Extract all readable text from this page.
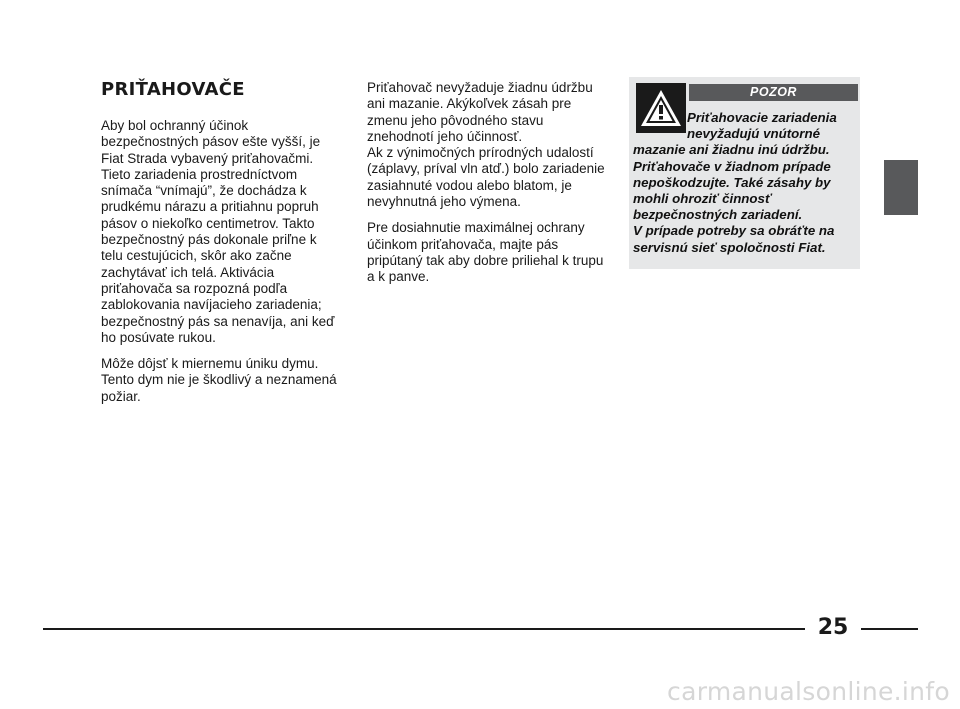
PRIŤAHOVAČE

Aby bol ochranný účinok bezpečnostných pásov ešte vyšší, je Fiat Strada vybavený priťahovačmi. Tieto zariadenia prostredníctvom snímača “vnímajú”, že dochádza k prudkému nárazu a pritiahnu popruh pásov o niekoľko centimetrov. Takto bezpečnostný pás dokonale priľne k telu cestujúcich, skôr ako začne zachytávať ich telá. Aktivácia priťahovača sa rozpozná podľa zablokovania navíjacieho zariadenia; bezpečnostný pás sa nenavíja, ani keď ho posúvate rukou.

Môže dôjsť k miernemu úniku dymu. Tento dym nie je škodlivý a neznamená požiar.

Priťahovač nevyžaduje žiadnu údržbu ani mazanie. Akýkoľvek zásah pre zmenu jeho pôvodného stavu znehodnotí jeho účinnosť.

Ak z výnimočných prírodných udalostí (záplavy, príval vln atď.) bolo zariadenie zasiahnuté vodou alebo blatom, je nevyhnutná jeho výmena.

Pre dosiahnutie maximálnej ochrany účinkom priťahovača, majte pás pripútaný tak aby dobre priliehal k trupu a k panve.

POZOR
Priťahovacie zariadenia nevyžadujú vnútorné
mazanie ani žiadnu inú údržbu. Priťahovače v žiadnom prípade nepoškodzujte. Také zásahy by mohli ohroziť činnosť bezpečnostných zariadení.
V prípade potreby sa obráťte na servisnú sieť spoločnosti Fiat.
25
carmanualsonline.info
